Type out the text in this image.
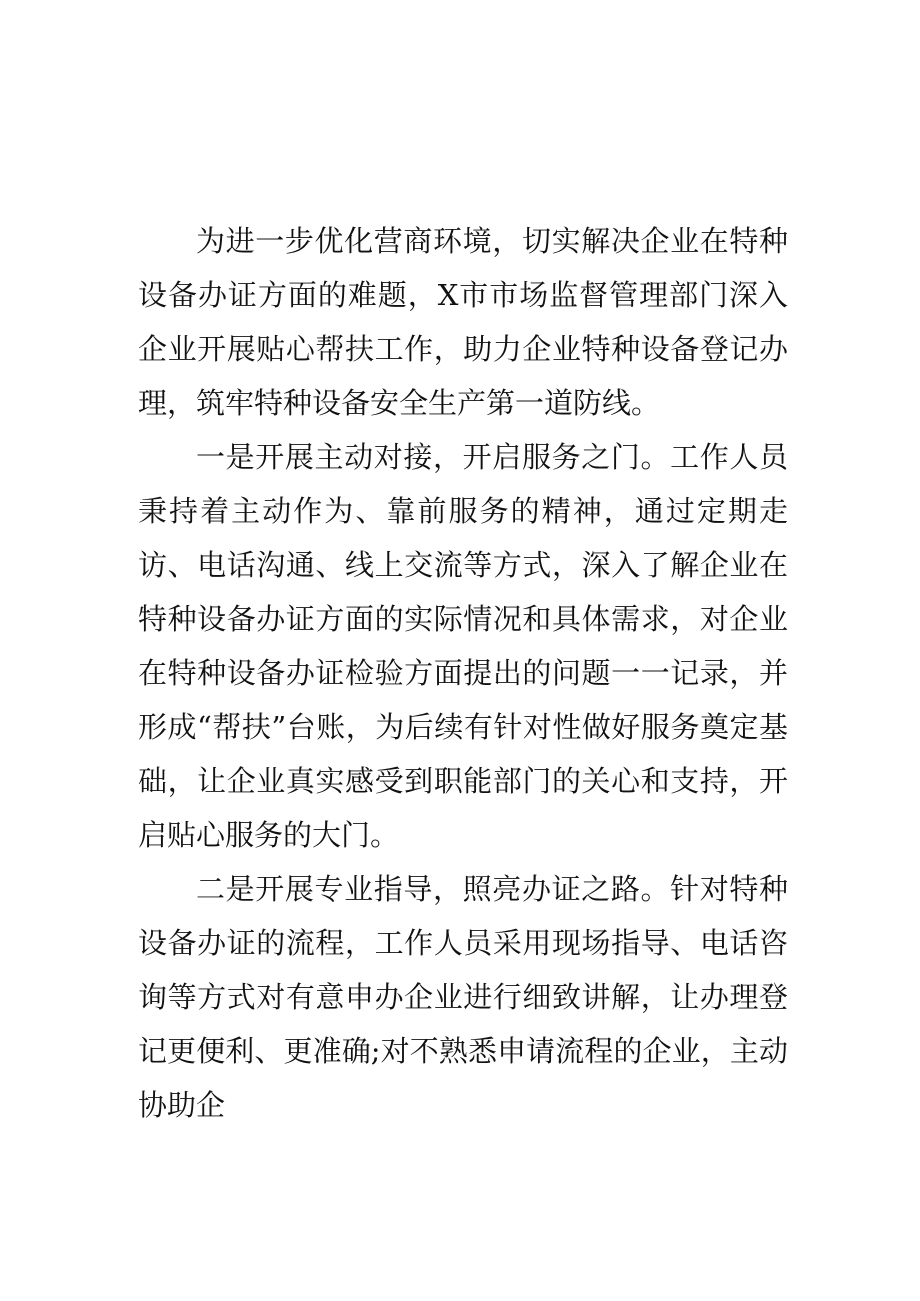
为进一步优化营商环境，切实解决企业在特种设备办证方面的难题，X市市场监督管理部门深入企业开展贴心帮扶工作，助力企业特种设备登记办理，筑牢特种设备安全生产第一道防线。

一是开展主动对接，开启服务之门。工作人员秉持着主动作为、靠前服务的精神，通过定期走访、电话沟通、线上交流等方式，深入了解企业在特种设备办证方面的实际情况和具体需求，对企业在特种设备办证检验方面提出的问题一一记录，并形成“帮扶”台账，为后续有针对性做好服务奠定基础，让企业真实感受到职能部门的关心和支持，开启贴心服务的大门。

二是开展专业指导，照亮办证之路。针对特种设备办证的流程，工作人员采用现场指导、电话咨询等方式对有意申办企业进行细致讲解，让办理登记更便利、更准确;对不熟悉申请流程的企业，主动协助企
